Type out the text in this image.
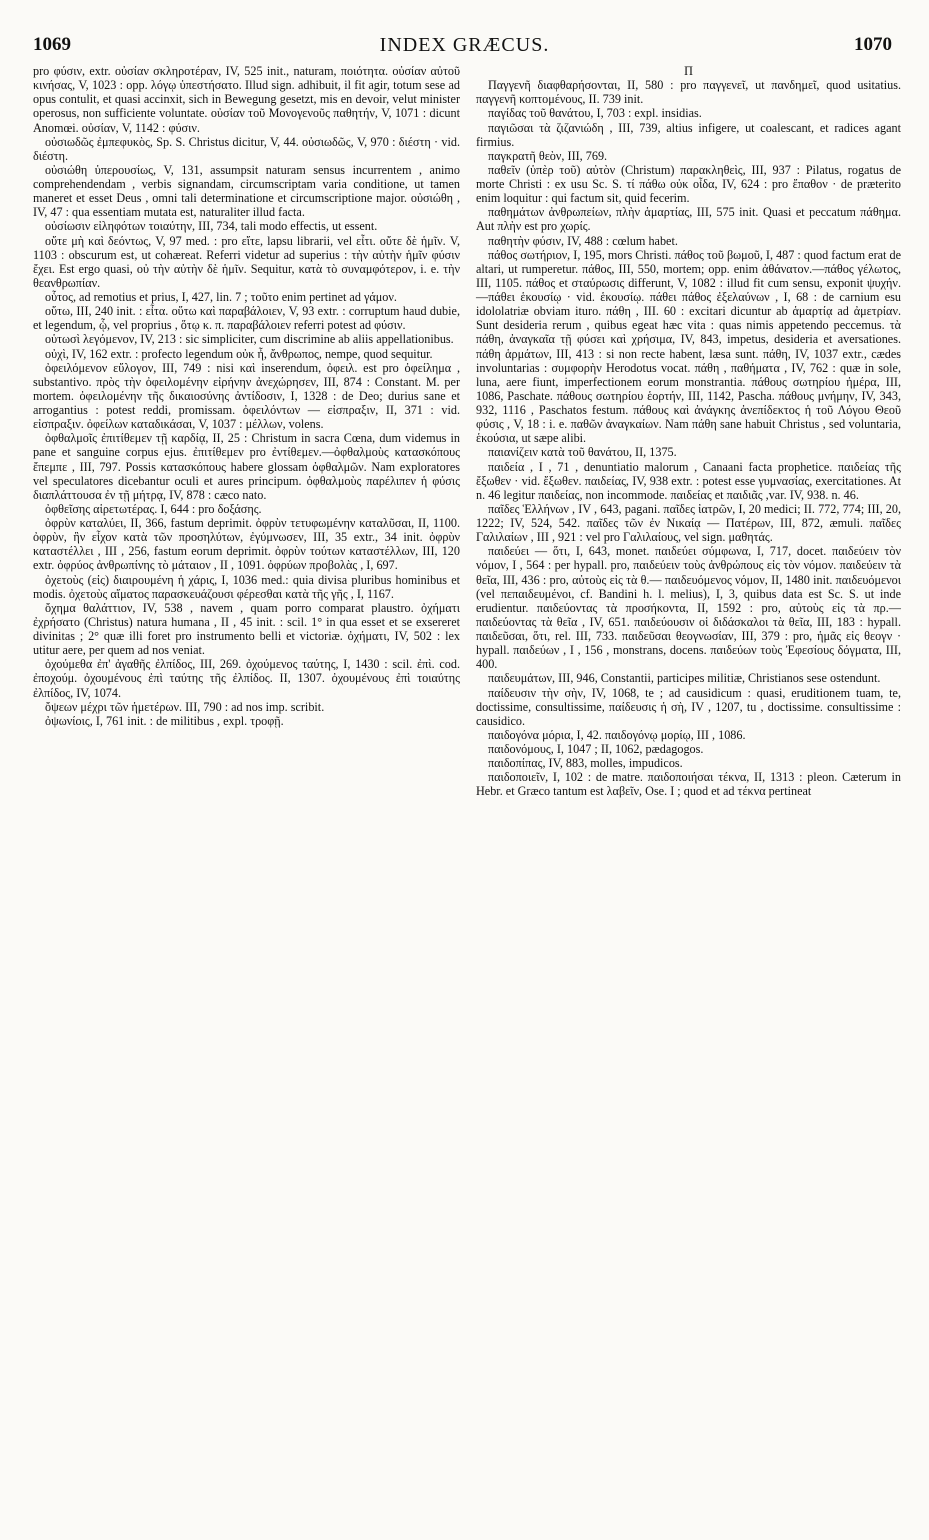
1069	INDEX GRÆCUS.	1070

pro φύσιν, extr. οὐσίαν σκληροτέραν, IV, 525 init., naturam, ποιότητα. οὐσίαν αὐτοῦ κινήσας, V, 1023 : opp. λόγῳ ὑπεστήσατο. Illud sign. adhibuit, il fit agir, totum sese ad opus contulit, et quasi accinxit, sich in Bewegung gesetzt, mis en devoir, velut minister operosus, non sufficiente voluntate. οὐσίαν τοῦ Μονογενοῦς παθητήν, V, 1071 : dicunt Anomœi. οὐσίαν, V, 1142 : φύσιν.

οὐσιωδῶς ἐμπεφυκὸς, Sp. S. Christus dicitur, V, 44. οὐσιωδῶς, V, 970 : διέστη · vid. διέστη.

οὐσιώθη ὑπερουσίως, V, 131, assumpsit naturam sensus incurrentem , animo comprehendendam , verbis signandam, circumscriptam varia conditione, ut tamen maneret et esset Deus , omni tali determinatione et circumscriptione major. οὐσιώθη , IV, 47 : qua essentiam mutata est, naturaliter illud facta.

οὐσίωσιν εἰληφότων τοιαύτην, III, 734, tali modo effectis, ut essent.

οὔτε μὴ καὶ δεόντως, V, 97 med. : pro εἴτε, lapsu librarii, vel εἶτι. οὔτε δὲ ἡμῖν. V, 1103 : obscurum est, ut cohæreat. Referri videtur ad superius : τὴν αὐτὴν ἡμῖν φύσιν ἔχει. Est ergo quasi, οὐ τὴν αὐτὴν δὲ ἡμῖν. Sequitur, κατὰ τὸ συναμφότερον, i. e. τὴν θεανθρωπίαν.

οὗτος, ad remotius et prius, I, 427, lin. 7 ; τοῦτο enim pertinet ad γάμον.

οὕτω, III, 240 init. : εἶτα. οὕτω καὶ παραβάλοιεν, V, 93 extr. : corruptum haud dubie, et legendum, ᾧ, vel proprius , ὅτῳ κ. π. παραβάλοιεν referri potest ad φύσιν.

οὑτωσὶ λεγόμενον, IV, 213 : sic simpliciter, cum discrimine ab aliis appellationibus.

οὐχὶ, IV, 162 extr. : profecto legendum οὐκ ἦ, ἄνθρωπος, nempe, quod sequitur.

ὀφειλόμενον εὔλογον, III, 749 : nisi καὶ inserendum, ὀφειλ. est pro ὀφείλημα , substantivo. πρὸς τὴν ὀφειλομένην εἰρήνην ἀνεχώρησεν, III, 874 : Constant. M. per mortem. ὀφειλομένην τῆς δικαιοσύνης ἀντίδοσιν, I, 1328 : de Deo; durius sane et arrogantius : potest reddi, promissam. ὀφειλόντων — εἰσπραξιν, II, 371 : vid. εἰσπραξιν. ὀφείλων καταδικάσαι, V, 1037 : μέλλων, volens.

ὀφθαλμοῖς ἐπιτίθεμεν τῇ καρδίᾳ, II, 25 : Christum in sacra Cœna, dum videmus in pane et sanguine corpus ejus. ἐπιτίθεμεν pro ἐντίθεμεν.—ὀφθαλμοὺς κατασκόπους ἔπεμπε , III, 797. Possis κατασκόπους habere glossam ὀφθαλμῶν. Nam exploratores vel speculatores dicebantur oculi et aures principum. ὀφθαλμοὺς παρέλιπεν ἡ φύσις διαπλάττουσα ἐν τῇ μήτρᾳ, IV, 878 : cæco nato.

ὀφθεῖσης αἱρετωτέρας. I, 644 : pro δοξάσης.

ὀφρὺν καταλύει, II, 366, fastum deprimit. ὀφρὺν τετυφωμένην καταλῦσαι, II, 1100. ὀφρὺν, ἣν εἶχον κατὰ τῶν προσηλύτων, ἐγύμνωσεν, III, 35 extr., 34 init. ὀφρὺν καταστέλλει , III , 256, fastum eorum deprimit. ὀφρὺν τούτων καταστέλλων, III, 120 extr. ὀφρύος ἀνθρωπίνης τὸ μάταιον , II , 1091. ὀφρύων προβολὰς , I, 697.

ὀχετοὺς (εἰς) διαιρουμένη ἡ χάρις, I, 1036 med.: quia divisa pluribus hominibus et modis. ὀχετοὺς αἵματος παρασκευάζουσι φέρεσθαι κατὰ τῆς γῆς , I, 1167.

ὄχημα θαλάττιον, IV, 538 , navem , quam porro comparat plaustro. ὀχήματι ἐχρήσατο (Christus) natura humana , II , 45 init. : scil. 1° in qua esset et se exsereret divinitas ; 2° quæ illi foret pro instrumento belli et victoriæ. ὀχήματι, IV, 502 : lex utitur aere, per quem ad nos veniat.

ὀχούμεθα ἐπ' ἀγαθῆς ἐλπίδος, III, 269. ὀχούμενος ταύτης, I, 1430 : scil. ἐπὶ. cod. ἐποχούμ. ὀχουμένους ἐπὶ ταύτης τῆς ἐλπίδος. II, 1307. ὀχουμένους ἐπὶ τοιαύτης ἐλπίδος, IV, 1074.

ὄψεων μέχρι τῶν ἡμετέρων. III, 790 : ad nos imp. scribit.

ὀψωνίοις, I, 761 init. : de militibus , expl. τροφῇ.

Π

Παγγενῆ διαφθαρήσονται, II, 580 : pro παγγενεῖ, ut πανδημεῖ, quod usitatius. παγγενῆ κοπτομένους, II. 739 init.

παγίδας τοῦ θανάτου, I, 703 : expl. insidias.

παγιῶσαι τὰ ζιζανιώδη , III, 739, altius infigere, ut coalescant, et radices agant firmius.

παγκρατῆ θεὸν, III, 769.

παθεῖν (ὑπὲρ τοῦ) αὐτὸν (Christum) παρακληθεὶς, III, 937 : Pilatus, rogatus de morte Christi : ex usu Sc. S. τί πάθω οὐκ οἶδα, IV, 624 : pro ἔπαθον · de præterito enim loquitur : qui factum sit, quid fecerim.

παθημάτων ἀνθρωπείων, πλὴν ἁμαρτίας, III, 575 init. Quasi et peccatum πάθημα. Aut πλὴν est pro χωρίς.

παθητὴν φύσιν, IV, 488 : cœlum habet.

πάθος σωτήριον, I, 195, mors Christi. πάθος τοῦ βωμοῦ, I, 487 : quod factum erat de altari, ut rumperetur. πάθος, III, 550, mortem; opp. enim ἀθάνατον.—πάθος γέλωτος, III, 1105. πάθος et σταύρωσις differunt, V, 1082 : illud fit cum sensu, exponit ψυχήν.—πάθει ἑκουσίῳ · vid. ἑκουσίῳ. πάθει πάθος ἐξελαύνων , I, 68 : de carnium esu idololatriæ obviam ituro. πάθη , III. 60 : excitari dicuntur ab ἁμαρτίᾳ ad ἀμετρίαν. Sunt desideria rerum , quibus egeat hæc vita : quas nimis appetendo peccemus. τὰ πάθη, ἀναγκαῖα τῇ φύσει καὶ χρήσιμα, IV, 843, impetus, desideria et aversationes. πάθη ἁρμάτων, III, 413 : si non recte habent, læsa sunt. πάθη, IV, 1037 extr., cædes involuntarias : συμφορὴν Herodotus vocat. πάθη , παθήματα , IV, 762 : quæ in sole, luna, aere fiunt, imperfectionem eorum monstrantia. πάθους σωτηρίου ἡμέρα, III, 1086, Paschate. πάθους σωτηρίου ἑορτήν, III, 1142, Pascha. πάθους μνήμην, IV, 343, 932, 1116 , Paschatos festum. πάθους καὶ ἀνάγκης ἀνεπίδεκτος ἡ τοῦ Λόγου Θεοῦ φύσις , V, 18 : i. e. παθῶν ἀναγκαίων. Nam πάθη sane habuit Christus , sed voluntaria, ἑκούσια, ut sæpe alibi.

παιανίζειν κατὰ τοῦ θανάτου, II, 1375.

παιδεία , I , 71 , denuntiatio malorum , Canaani facta prophetice. παιδείας τῆς ἔξωθεν · vid. ἔξωθεν. παιδείας, IV, 938 extr. : potest esse γυμνασίας, exercitationes. At n. 46 legitur παιδείας, non incommode. παιδείας et παιδιᾶς ,var. IV, 938. n. 46.

παῖδες Ἑλλήνων , IV , 643, pagani. παῖδες ἰατρῶν, I, 20 medici; II. 772, 774; III, 20, 1222; IV, 524, 542. παῖδες τῶν ἐν Νικαίᾳ — Πατέρων, III, 872, æmuli. παῖδες Γαλιλαίων , III , 921 : vel pro Γαλιλαίους, vel sign. μαθητάς.

παιδεύει — ὅτι, I, 643, monet. παιδεύει σύμφωνα, I, 717, docet. παιδεύειν τὸν νόμον, I , 564 : per hypall. pro, παιδεύειν τοὺς ἀνθρώπους εἰς τὸν νόμον. παιδεύειν τὰ θεῖα, III, 436 : pro, αὐτοὺς εἰς τὰ θ.— παιδευόμενος νόμον, II, 1480 init. παιδευόμενοι (vel πεπαιδευμένοι, cf. Bandini h. l. melius), I, 3, quibus data est Sc. S. ut inde erudientur. παιδεύοντας τὰ προσήκοντα, II, 1592 : pro, αὐτοὺς εἰς τὰ πρ.— παιδεύοντας τὰ θεῖα , IV, 651. παιδεύουσιν οἱ διδάσκαλοι τὰ θεῖα, III, 183 : hypall. παιδεῦσαι, ὅτι, rel. III, 733. παιδεῦσαι θεογνωσίαν, III, 379 : pro, ἡμᾶς εἰς θεογν · hypall. παιδεύων , I , 156 , monstrans, docens. παιδεύων τοὺς Ἐφεσίους δόγματα, III, 400.

παιδευμάτων, III, 946, Constantii, participes militiæ, Christianos sese ostendunt.

παίδευσιν τὴν σὴν, IV, 1068, te ; ad causidicum : quasi, eruditionem tuam, te, doctissime, consultissime, παίδευσις ἡ σὴ, IV , 1207, tu , doctissime. consultissime : causidico.

παιδογόνα μόρια, I, 42. παιδογόνῳ μορίῳ, III , 1086.

παιδονόμους, I, 1047 ; II, 1062, pædagogos.

παιδοπίπας, IV, 883, molles, impudicos.

παιδοποιεῖν, I, 102 : de matre. παιδοποιήσαι τέκνα, II, 1313 : pleon. Cæterum in Hebr. et Græco tantum est λαβεῖν, Ose. I ; quod et ad τέκνα pertineat
